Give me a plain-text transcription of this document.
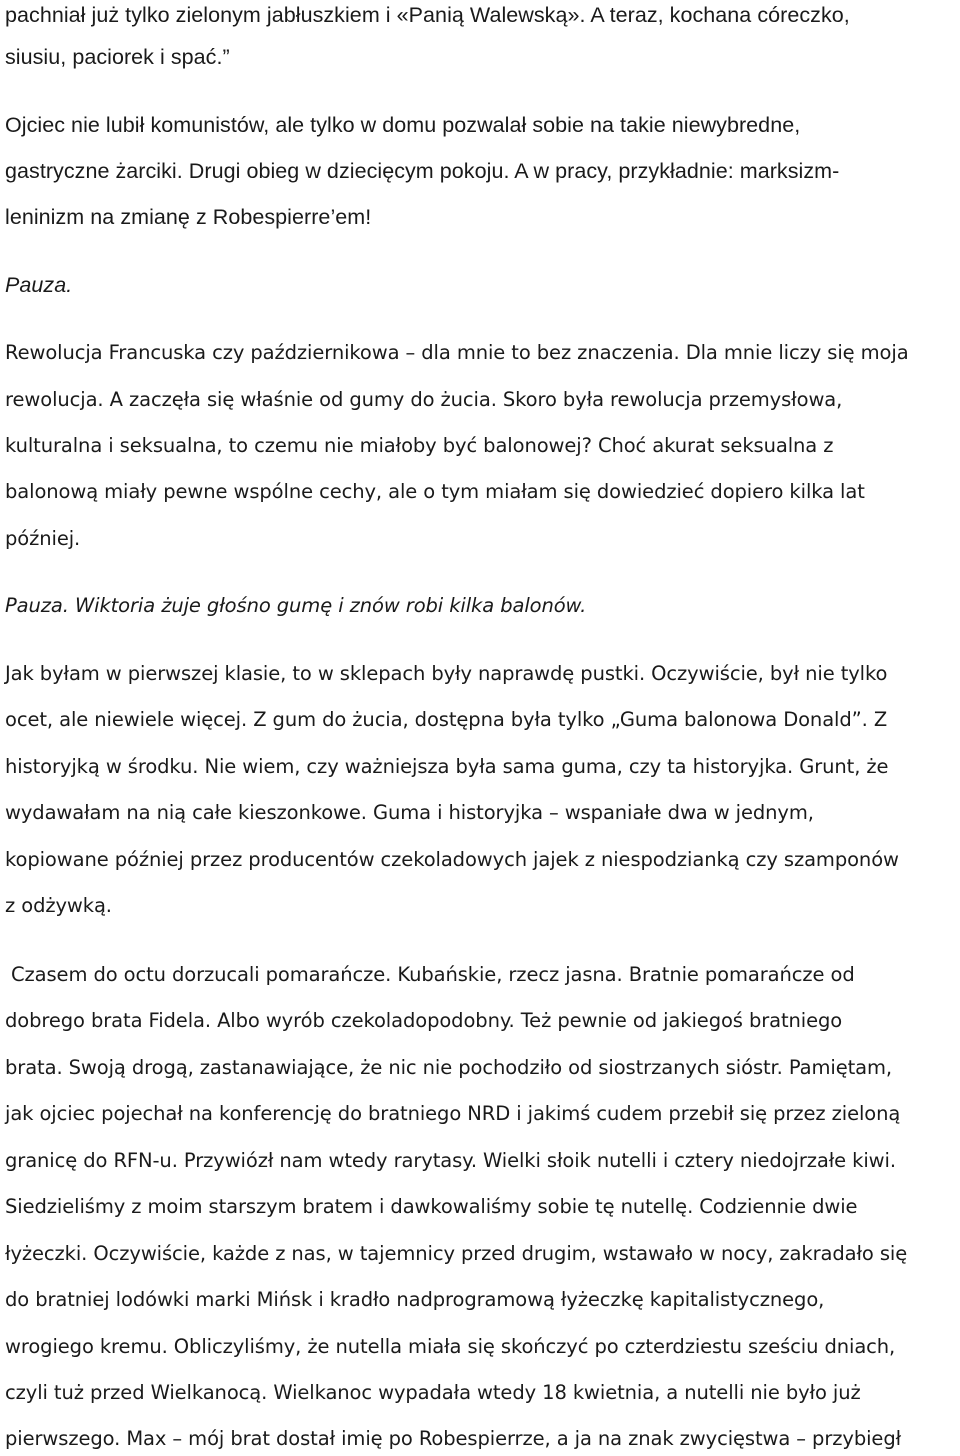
pachniał już tylko zielonym jabłuszkiem i «Panią Walewską». A teraz, kochana córeczko,
siusiu, paciorek i spać.”
Ojciec nie lubił komunistów, ale tylko w domu pozwalał sobie na takie niewybredne,
gastryczne żarciki. Drugi obieg w dziecięcym pokoju. A w pracy, przykładnie: marksizm-
leninizm na zmianę z Robespierre’em!
Pauza.
Rewolucja Francuska czy październikowa – dla mnie to bez znaczenia. Dla mnie liczy się moja
rewolucja. A zaczęła się właśnie od gumy do żucia. Skoro była rewolucja przemysłowa,
kulturalna i seksualna, to czemu nie miałoby być balonowej? Choć akurat seksualna z
balonową miały pewne wspólne cechy, ale o tym miałam się dowiedzieć dopiero kilka lat
później.
Pauza. Wiktoria żuje głośno gumę i znów robi kilka balonów.
Jak byłam w pierwszej klasie, to w sklepach były naprawdę pustki. Oczywiście, był nie tylko
ocet, ale niewiele więcej. Z gum do żucia, dostępna była tylko „Guma balonowa Donald”. Z
historyjką w środku. Nie wiem, czy ważniejsza była sama guma, czy ta historyjka. Grunt, że
wydawałam na nią całe kieszonkowe. Guma i historyjka – wspaniałe dwa w jednym,
kopiowane później przez producentów czekoladowych jajek z niespodzianką czy szamponów
z odżywką.
Czasem do octu dorzucali pomarańcze. Kubańskie, rzecz jasna. Bratnie pomarańcze od
dobrego brata Fidela. Albo wyrób czekoladopodobny. Też pewnie od jakiegoś bratniego
brata. Swoją drogą, zastanawiające, że nic nie pochodziło od siostrzanych sióstr. Pamiętam,
jak ojciec pojechał na konferencję do bratniego NRD i jakimś cudem przebił się przez zieloną
granicę do RFN-u. Przywiózł nam wtedy rarytasy. Wielki słoik nutelli i cztery niedojrzałe kiwi.
Siedzieliśmy z moim starszym bratem i dawkowaliśmy sobie tę nutellę. Codziennie dwie
łyżeczki. Oczywiście, każde z nas, w tajemnicy przed drugim, wstawało w nocy, zakradało się
do bratniej lodówki marki Mińsk i kradło nadprogramową łyżeczkę kapitalistycznego,
wrogiego kremu. Obliczyliśmy, że nutella miała się skończyć po czterdziestu sześciu dniach,
czyli tuż przed Wielkanocą. Wielkanoc wypadała wtedy 18 kwietnia, a nutelli nie było już
pierwszego. Max – mój brat dostał imię po Robespierrze, a ja na znak zwycięstwa – przybiegł
